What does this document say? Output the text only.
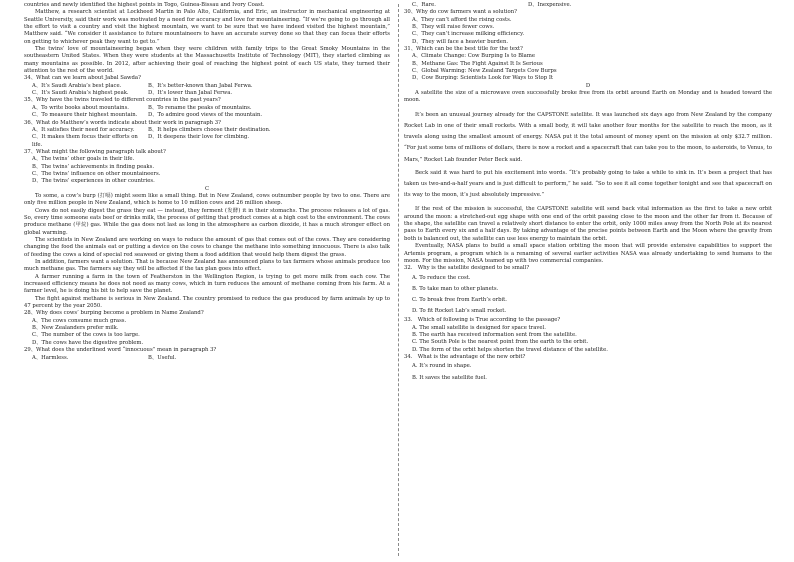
countries and newly identified the highest points in Togo, Guinea-Bissau and Ivory Coast.

Matthew, a research scientist at Lockheed Martin in Palo Alto, California, and Eric, an instructor in mechanical engineering at Seattle University, said their work was motivated by a need for accuracy and love for mountaineering. “If we’re going to go through all the effort to visit a country and visit the highest mountain, we want to be sure that we have indeed visited the highest mountain,” Matthew said. “We consider it assistance to future mountaineers to have an accurate survey done so that they can focus their efforts on getting to whichever peak they want to get to.”

The twins’ love of mountaineering began when they were children with family trips to the Great Smoky Mountains in the southeastern United States. When they were students at the Massachusetts Institute of Technology (MIT), they started climbing as many mountains as possible. In 2012, after achieving their goal of reaching the highest point of each US state, they turned their attention to the rest of the world.

34、What can we learn about Jabal Sawda?

A、It’s Saudi Arabia’s best place.	B、It’s better-known than Jabal Ferwa.
C、It’s Saudi Arabia’s highest peak.	D、It’s lower than Jabal Ferwa.

35、Why have the twins traveled to different countries in the past years?

A、To write books about mountains.	B、To rename the peaks of mountains.
C、To measure their highest mountain.	D、To admire good views of the mountain.

36、What do Matthew’s words indicate about their work in paragraph 3?

A、It satisfies their need for accuracy.	B、It helps climbers choose their destination.
C、It makes them focus their efforts on life.
D、It deepens their love for climbing.

37、What might the following paragraph talk about?

A、The twins’ other goals in their life.

B、The twins’ achievements in finding peaks.

C、The twins’ influence on other mountaineers.

D、The twins’ experiences in other countries.

C

To some, a cow’s burp (打嗝) might seem like a small thing. But in New Zealand, cows outnumber people by two to one. There are only five million people in New Zealand, which is home to 10 million cows and 26 million sheep.

Cows do not easily digest the grass they eat — instead, they ferment (发酵) it in their stomachs. The process releases a lot of gas. So, every time someone eats beef or drinks milk, the process of getting that product comes at a high cost to the environment. The cows produce methane (甲烷) gas. While the gas does not last as long in the atmosphere as carbon dioxide, it has a much stronger effect on global warming.

The scientists in New Zealand are working on ways to reduce the amount of gas that comes out of the cows. They are considering changing the food the animals eat or putting a device on the cows to change the methane into something innocuous. There is also talk of feeding the cows a kind of special red seaweed or giving them a food addition that would help them digest the grass.

In addition, farmers want a solution. That is because New Zealand has announced plans to tax farmers whose animals produce too much methane gas. The farmers say they will be affected if the tax plan goes into effect.

A farmer running a farm in the town of Featherston in the Wellington Region, is trying to get more milk from each cow. The increased efficiency means he does not need as many cows, which in turn reduces the amount of methane coming from his farm. At a farmer level, he is doing his bit to help save the planet.

The fight against methane is serious in New Zealand. The country promised to reduce the gas produced by farm animals by up to 47 percent by the year 2050.

28、Why does cows’ burping become a problem in Name Zealand?

A、The cows consume much grass.

B、New Zealanders prefer milk.

C、The number of the cows is too large.

D、The cows have the digestive problem.

29、What does the underlined word “innocuous” mean in paragraph 3?

A、Harmless.	B、Useful.
C、Rare.	D、Inexpensive.

30、Why do cow farmers want a solution?

A、They can’t afford the rising costs.

B、They will raise fewer cows.

C、They can’t increase milking efficiency.

D、They will face a heavier burden.

31、Which can be the best title for the text?

A、Climate Change: Cow Burping Is to Blame

B、Methane Gas: The Fight Against It Is Serious

C、Global Warming: New Zealand Targets Cow Burps

D、Cow Burping: Scientists Look for Ways to Stop It

D

A satellite the size of a microwave oven successfully broke free from its orbit around Earth on Monday and is headed toward the moon.

It’s been an unusual journey already for the CAPSTONE satellite. It was launched six days ago from New Zealand by the company Rocket Lab in one of their small rockets. With a small body, it will take another four months for the satellite to reach the moon, as it travels along using the smallest amount of energy. NASA put it the total amount of money spent on the mission at only $32.7 million. “For just some tens of millions of dollars, there is now a rocket and a spacecraft that can take you to the moon, to asteroids, to Venus, to Mars,” Rocket Lab founder Peter Beck said.

Beck said it was hard to put his excitement into words. “It’s probably going to take a while to sink in. It’s been a project that has taken us two-and-a-half years and is just difficult to perform,” he said. “So to see it all come together tonight and see that spacecraft on its way to the moon, it’s just absolutely impressive.”

If the rest of the mission is successful, the CAPSTONE satellite will send back vital information as the first to take a new orbit around the moon: a stretched-out egg shape with one end of the orbit passing close to the moon and the other far from it. Because of the shape, the satellite can travel a relatively short distance to enter the orbit, only 1000 miles away from the North Pole at its nearest pass to Earth every six and a half days. By taking advantage of the precise points between Earth and the Moon where the gravity from both is balanced out, the satellite can use less energy to maintain the orbit.

Eventually, NASA plans to build a small space station orbiting the moon that will provide extensive capabilities to support the Artemis program, a program which is a renaming of several earlier activities NASA was already undertaking to send humans to the moon. For the mission, NASA teamed up with two commercial companies.

32.　Why is the satellite designed to be small?

A. To reduce the cost.

B. To take man to other planets.

C. To break free from Earth’s orbit.

D. To fit Rocket Lab’s small rocket.

33.　Which of following is True according to the passage?

A. The small satellite is designed for space travel.

B. The earth has received information sent from the satellite.

C. The South Pole is the nearest point from the earth to the orbit.

D. The form of the orbit helps shorten the travel distance of the satellite.

34.　What is the advantage of the new orbit?

A. It’s round in shape.

B. It saves the satellite fuel.
